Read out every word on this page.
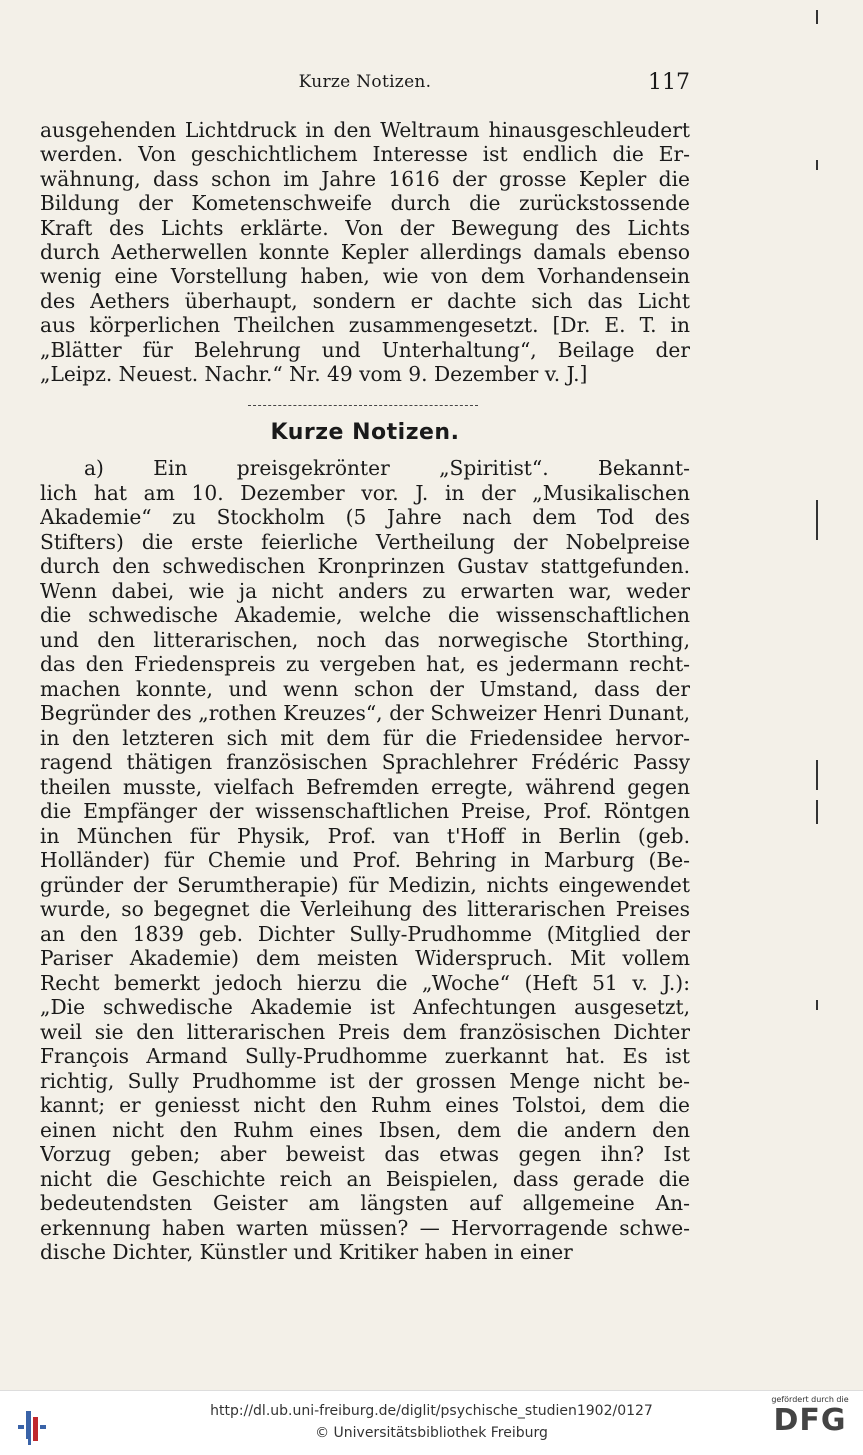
Kurze Notizen.	117
ausgehenden Lichtdruck in den Weltraum hinausgeschleudert
werden. Von geschichtlichem Interesse ist endlich die Er-
wähnung, dass schon im Jahre 1616 der grosse Kepler die
Bildung der Kometenschweife durch die zurückstossende
Kraft des Lichts erklärte. Von der Bewegung des Lichts
durch Aetherwellen konnte Kepler allerdings damals ebenso
wenig eine Vorstellung haben, wie von dem Vorhandensein
des Aethers überhaupt, sondern er dachte sich das Licht
aus körperlichen Theilchen zusammengesetzt. [Dr. E. T. in
„Blätter für Belehrung und Unterhaltung“, Beilage der
„Leipz. Neuest. Nachr.“ Nr. 49 vom 9. Dezember v. J.]
Kurze Notizen.
a) Ein preisgekrönter „Spiritist“. Bekannt-
lich hat am 10. Dezember vor. J. in der „Musikalischen
Akademie“ zu Stockholm (5 Jahre nach dem Tod des
Stifters) die erste feierliche Vertheilung der Nobelpreise
durch den schwedischen Kronprinzen Gustav stattgefunden.
Wenn dabei, wie ja nicht anders zu erwarten war, weder
die schwedische Akademie, welche die wissenschaftlichen
und den litterarischen, noch das norwegische Storthing,
das den Friedenspreis zu vergeben hat, es jedermann recht-
machen konnte, und wenn schon der Umstand, dass der
Begründer des „rothen Kreuzes“, der Schweizer Henri Dunant,
in den letzteren sich mit dem für die Friedensidee hervor-
ragend thätigen französischen Sprachlehrer Frédéric Passy
theilen musste, vielfach Befremden erregte, während gegen
die Empfänger der wissenschaftlichen Preise, Prof. Röntgen
in München für Physik, Prof. van t'Hoff in Berlin (geb.
Holländer) für Chemie und Prof. Behring in Marburg (Be-
gründer der Serumtherapie) für Medizin, nichts eingewendet
wurde, so begegnet die Verleihung des litterarischen Preises
an den 1839 geb. Dichter Sully-Prudhomme (Mitglied der
Pariser Akademie) dem meisten Widerspruch. Mit vollem
Recht bemerkt jedoch hierzu die „Woche“ (Heft 51 v. J.):
„Die schwedische Akademie ist Anfechtungen ausgesetzt,
weil sie den litterarischen Preis dem französischen Dichter
François Armand Sully-Prudhomme zuerkannt hat. Es ist
richtig, Sully Prudhomme ist der grossen Menge nicht be-
kannt; er geniesst nicht den Ruhm eines Tolstoi, dem die
einen nicht den Ruhm eines Ibsen, dem die andern den
Vorzug geben; aber beweist das etwas gegen ihn? Ist
nicht die Geschichte reich an Beispielen, dass gerade die
bedeutendsten Geister am längsten auf allgemeine An-
erkennung haben warten müssen? — Hervorragende schwe-
dische Dichter, Künstler und Kritiker haben in einer
http://dl.ub.uni-freiburg.de/diglit/psychische_studien1902/0127
© Universitätsbibliothek Freiburg
gefördert durch die
DFG
